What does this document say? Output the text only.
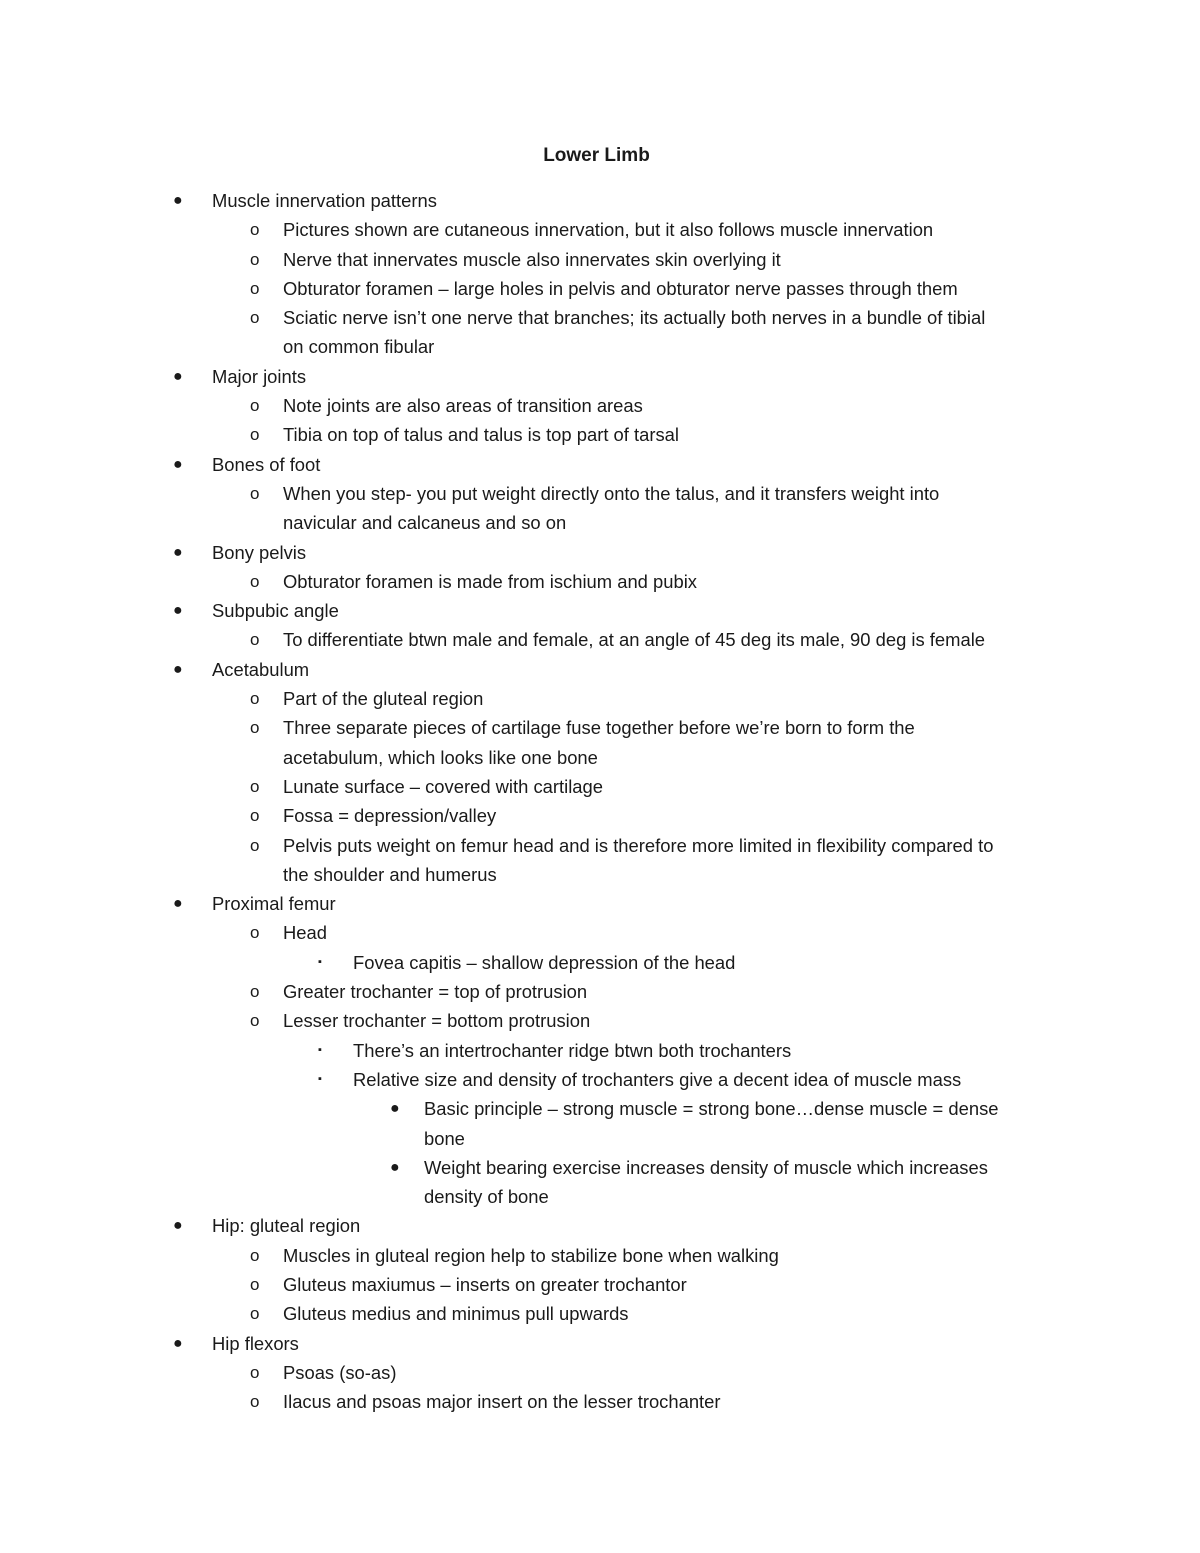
Lower Limb
● Muscle innervation patterns
o Pictures shown are cutaneous innervation, but it also follows muscle innervation
o Nerve that innervates muscle also innervates skin overlying it
o Obturator foramen – large holes in pelvis and obturator nerve passes through them
o Sciatic nerve isn’t one nerve that branches; its actually both nerves in a bundle of tibial
on common fibular
● Major joints
o Note joints are also areas of transition areas
o Tibia on top of talus and talus is top part of tarsal
● Bones of foot
o When you step- you put weight directly onto the talus, and it transfers weight into
navicular and calcaneus and so on
● Bony pelvis
o Obturator foramen is made from ischium and pubix
● Subpubic angle
o To differentiate btwn male and female, at an angle of 45 deg its male, 90 deg is female
● Acetabulum
o Part of the gluteal region
o Three separate pieces of cartilage fuse together before we’re born to form the
acetabulum, which looks like one bone
o Lunate surface – covered with cartilage
o Fossa = depression/valley
o Pelvis puts weight on femur head and is therefore more limited in flexibility compared to
the shoulder and humerus
● Proximal femur
o Head
▪ Fovea capitis – shallow depression of the head
o Greater trochanter = top of protrusion
o Lesser trochanter = bottom protrusion
▪ There’s an intertrochanter ridge btwn both trochanters
▪ Relative size and density of trochanters give a decent idea of muscle mass
● Basic principle – strong muscle = strong bone…dense muscle = dense
bone
● Weight bearing exercise increases density of muscle which increases
density of bone
● Hip: gluteal region
o Muscles in gluteal region help to stabilize bone when walking
o Gluteus maxiumus – inserts on greater trochantor
o Gluteus medius and minimus pull upwards
● Hip flexors
o Psoas (so-as)
o Ilacus and psoas major insert on the lesser trochanter
